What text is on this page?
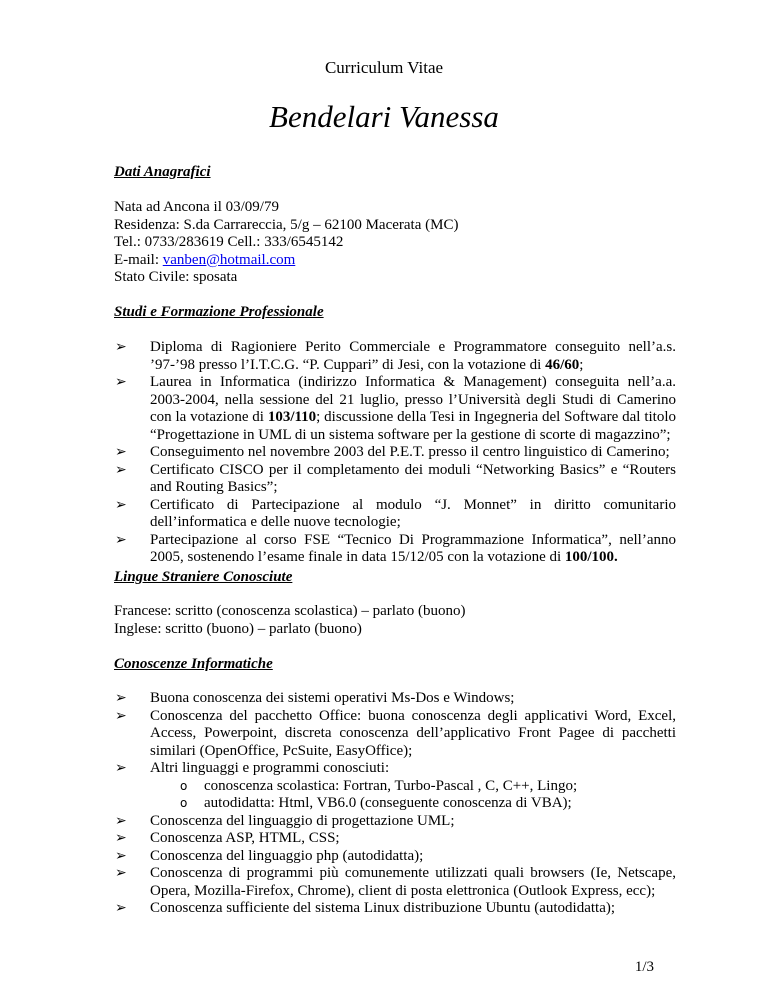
Curriculum Vitae
Bendelari Vanessa
Dati Anagrafici
Nata ad Ancona il 03/09/79
Residenza: S.da Carrareccia, 5/g – 62100 Macerata (MC)
Tel.: 0733/283619 Cell.: 333/6545142
E-mail: vanben@hotmail.com
Stato Civile: sposata
Studi e Formazione Professionale
➢ Diploma di Ragioniere Perito Commerciale e Programmatore conseguito nell’a.s. ’97-’98 presso l’I.T.C.G. “P. Cuppari” di Jesi, con la votazione di 46/60;
➢ Laurea in Informatica (indirizzo Informatica & Management) conseguita nell’a.a. 2003-2004, nella sessione del 21 luglio, presso l’Università degli Studi di Camerino con la votazione di 103/110; discussione della Tesi in Ingegneria del Software dal titolo “Progettazione in UML di un sistema software per la gestione di scorte di magazzino”;
➢ Conseguimento nel novembre 2003 del P.E.T. presso il centro linguistico di Camerino;
➢ Certificato CISCO per il completamento dei moduli “Networking Basics” e “Routers and Routing Basics”;
➢ Certificato di Partecipazione al modulo “J. Monnet” in diritto comunitario dell’informatica e delle nuove tecnologie;
➢ Partecipazione al corso FSE “Tecnico Di Programmazione Informatica”, nell’anno 2005, sostenendo l’esame finale in data 15/12/05 con la votazione di 100/100.
Lingue Straniere Conosciute
Francese: scritto (conoscenza scolastica) – parlato (buono)
Inglese: scritto (buono) – parlato (buono)
Conoscenze Informatiche
➢ Buona conoscenza dei sistemi operativi Ms-Dos e Windows;
➢ Conoscenza del pacchetto Office: buona conoscenza degli applicativi Word, Excel, Access, Powerpoint, discreta conoscenza dell’applicativo Front Pagee di pacchetti similari (OpenOffice, PcSuite, EasyOffice);
➢ Altri linguaggi e programmi conosciuti:
o conoscenza scolastica: Fortran, Turbo-Pascal , C, C++, Lingo;
o autodidatta: Html, VB6.0 (conseguente conoscenza di VBA);
➢ Conoscenza del linguaggio di progettazione UML;
➢ Conoscenza ASP, HTML, CSS;
➢ Conoscenza del linguaggio php (autodidatta);
➢ Conoscenza di programmi più comunemente utilizzati quali browsers (Ie, Netscape, Opera, Mozilla-Firefox, Chrome), client di posta elettronica (Outlook Express, ecc);
➢ Conoscenza sufficiente del sistema Linux distribuzione Ubuntu (autodidatta);
1/3
